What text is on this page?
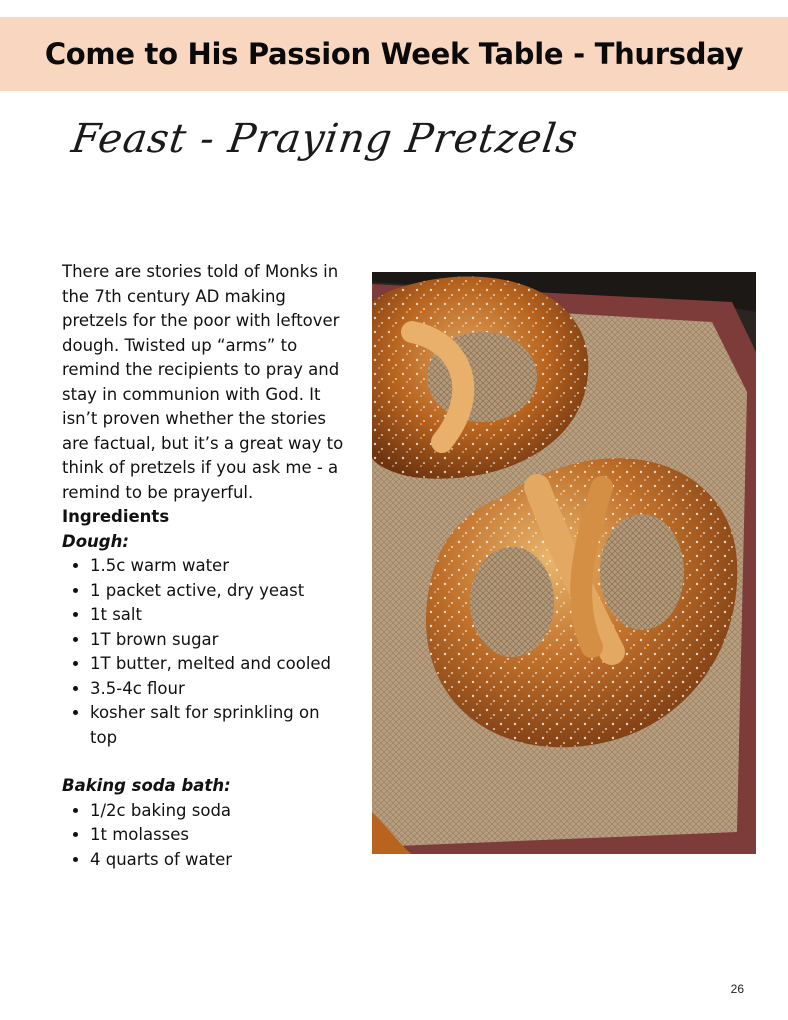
Come to His Passion Week Table - Thursday
Feast - Praying Pretzels

There are stories told of Monks in the 7th century AD making pretzels for the poor with leftover dough. Twisted up “arms” to remind the recipients to pray and stay in communion with God. It isn’t proven whether the stories are factual, but it’s a great way to think of pretzels if you ask me - a remind to be prayerful.

Ingredients

Dough:

• 1.5c warm water
• 1 packet active, dry yeast
• 1t salt
• 1T brown sugar
• 1T butter, melted and cooled
• 3.5-4c flour
• kosher salt for sprinkling on top

Baking soda bath:

• 1/2c baking soda
• 1t molasses
• 4 quarts of water
26
